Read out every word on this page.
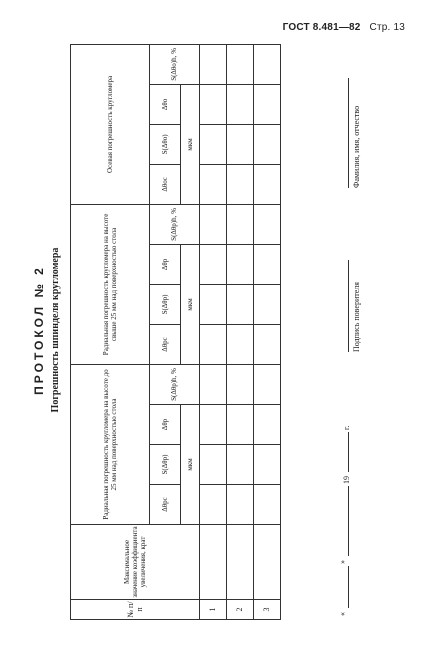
ГОСТ 8.481—82 Стр. 13
ПРОТОКОЛ № 2 Погрешность шпинделя кругломера
№ п/п	Максимальное значение коэффициента увеличения, крат	Радиальная погрешность кругломера на высоте до 25 мм над поверхностью стола				Радиальная погрешность кругломера на высоте свыше 25 мм над поверхностью стола				Осевая погрешность кругломера			
		Δθpc	S(Δθp)	Δθp	S(Δθp)h, %	Δθpc	S(Δθp)	Δθp	S(Δθp)h, %	Δθoc	S(Δθo)	Δθo	S(Δθo)h, %
		мкм				мкм				мкм			
1													
2													
3													
«
»
19
г.
Подпись поверителя
Фамилия, имя, отчество
